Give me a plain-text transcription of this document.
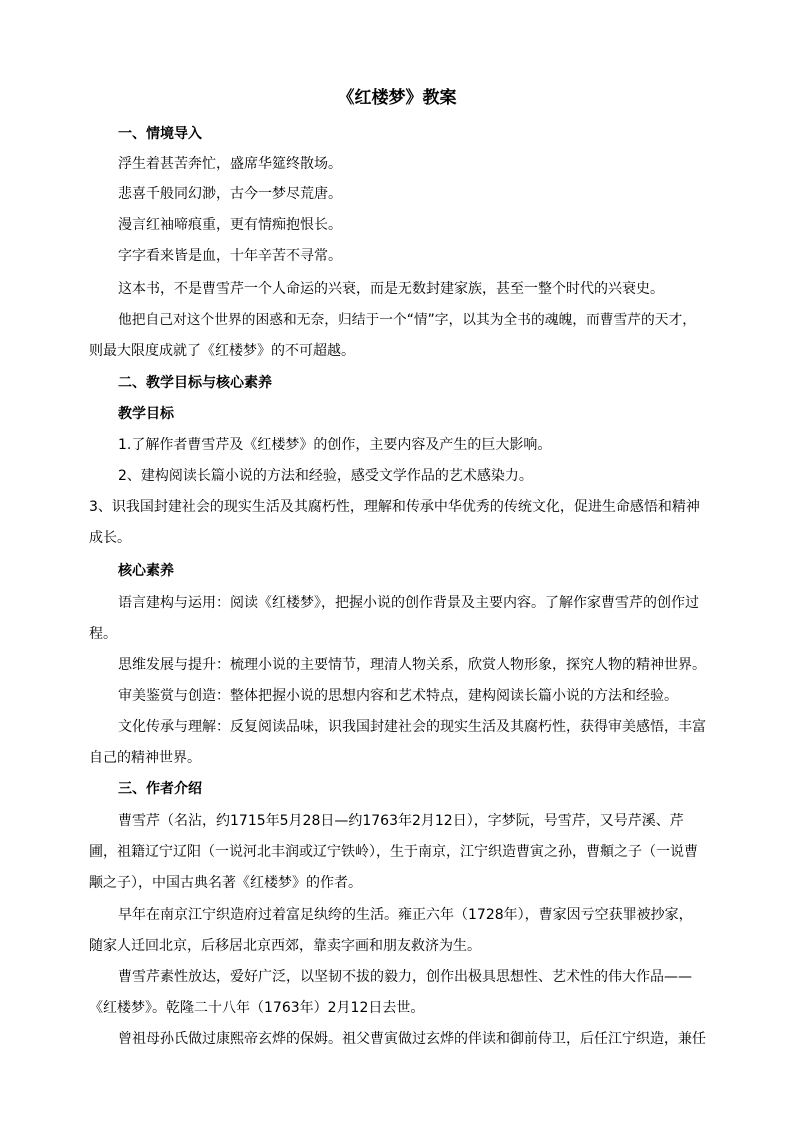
《红楼梦》教案
一、情境导入
浮生着甚苦奔忙，盛席华筵终散场。
悲喜千般同幻渺，古今一梦尽荒唐。
漫言红袖啼痕重，更有情痴抱恨长。
字字看来皆是血，十年辛苦不寻常。
这本书，不是曹雪芹一个人命运的兴衰，而是无数封建家族，甚至一整个时代的兴衰史。
他把自己对这个世界的困惑和无奈，归结于一个“情”字，以其为全书的魂魄，而曹雪芹的天才，
则最大限度成就了《红楼梦》的不可超越。
二、教学目标与核心素养
教学目标
1.了解作者曹雪芹及《红楼梦》的创作，主要内容及产生的巨大影响。
2、建构阅读长篇小说的方法和经验，感受文学作品的艺术感染力。
3、识我国封建社会的现实生活及其腐朽性，理解和传承中华优秀的传统文化，促进生命感悟和精神
成长。
核心素养
语言建构与运用：阅读《红楼梦》，把握小说的创作背景及主要内容。了解作家曹雪芹的创作过
程。
思维发展与提升：梳理小说的主要情节，理清人物关系，欣赏人物形象，探究人物的精神世界。
审美鉴赏与创造：整体把握小说的思想内容和艺术特点，建构阅读长篇小说的方法和经验。
文化传承与理解：反复阅读品味，识我国封建社会的现实生活及其腐朽性，获得审美感悟，丰富
自己的精神世界。
三、作者介绍
曹雪芹（名沾，约1715年5月28日—约1763年2月12日），字梦阮，号雪芹，又号芹溪、芹
圃，祖籍辽宁辽阳（一说河北丰润或辽宁铁岭），生于南京，江宁织造曹寅之孙，曹頫之子（一说曹
颙之子），中国古典名著《红楼梦》的作者。
早年在南京江宁织造府过着富足纨绔的生活。雍正六年（1728年），曹家因亏空获罪被抄家，
随家人迁回北京，后移居北京西郊，靠卖字画和朋友救济为生。
曹雪芹素性放达，爱好广泛，以坚韧不拔的毅力，创作出极具思想性、艺术性的伟大作品——
《红楼梦》。乾隆二十八年（1763年）2月12日去世。
曾祖母孙氏做过康熙帝玄烨的保姆。祖父曹寅做过玄烨的伴读和御前侍卫，后任江宁织造，兼任
